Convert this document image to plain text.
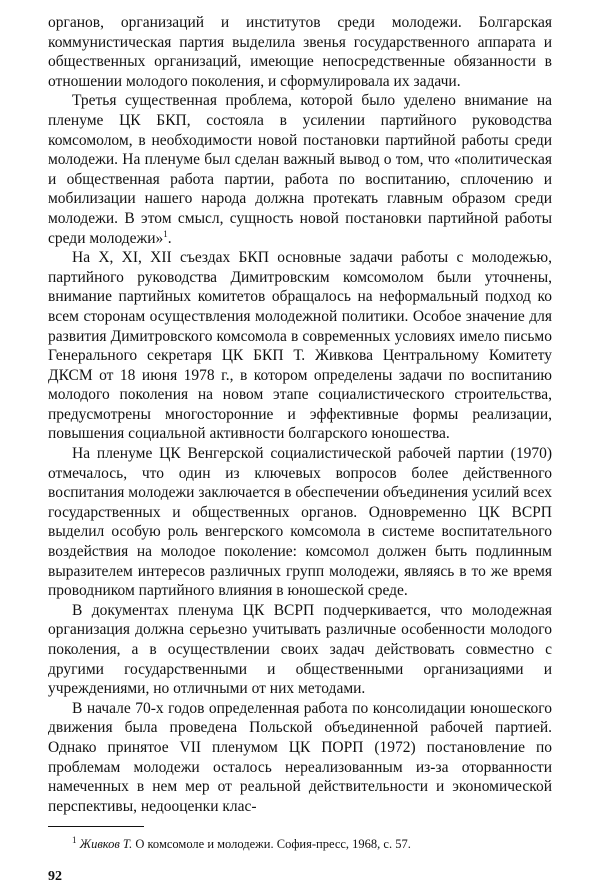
органов, организаций и институтов среди молодежи. Болгарская коммунистическая партия выделила звенья государственного аппарата и общественных организаций, имеющие непосредственные обязанности в отношении молодого поколения, и сформулировала их задачи.

Третья существенная проблема, которой было уделено внимание на пленуме ЦК БКП, состояла в усилении партийного руководства комсомолом, в необходимости новой постановки партийной работы среди молодежи. На пленуме был сделан важный вывод о том, что «политическая и общественная работа партии, работа по воспитанию, сплочению и мобилизации нашего народа должна протекать главным образом среди молодежи. В этом смысл, сущность новой постановки партийной работы среди молодежи»$^1$.

На X, XI, XII съездах БКП основные задачи работы с молодежью, партийного руководства Димитровским комсомолом были уточнены, внимание партийных комитетов обращалось на неформальный подход ко всем сторонам осуществления молодежной политики. Особое значение для развития Димитровского комсомола в современных условиях имело письмо Генерального секретаря ЦК БКП Т. Живкова Центральному Комитету ДКСМ от 18 июня 1978 г., в котором определены задачи по воспитанию молодого поколения на новом этапе социалистического строительства, предусмотрены многосторонние и эффективные формы реализации, повышения социальной активности болгарского юношества.

На пленуме ЦК Венгерской социалистической рабочей партии (1970) отмечалось, что один из ключевых вопросов более действенного воспитания молодежи заключается в обеспечении объединения усилий всех государственных и общественных органов. Одновременно ЦК ВСРП выделил особую роль венгерского комсомола в системе воспитательного воздействия на молодое поколение: комсомол должен быть подлинным выразителем интересов различных групп молодежи, являясь в то же время проводником партийного влияния в юношеской среде.

В документах пленума ЦК ВСРП подчеркивается, что молодежная организация должна серьезно учитывать различные особенности молодого поколения, а в осуществлении своих задач действовать совместно с другими государственными и общественными организациями и учреждениями, но отличными от них методами.

В начале 70-х годов определенная работа по консолидации юношеского движения была проведена Польской объединенной рабочей партией. Однако принятое VII пленумом ЦК ПОРП (1972) постановление по проблемам молодежи осталось нереализованным из-за оторванности намеченных в нем мер от реальной действительности и экономической перспективы, недооценки клас-

$^1$ Живков Т. О комсомоле и молодежи. София-пресс, 1968, с. 57.

92
